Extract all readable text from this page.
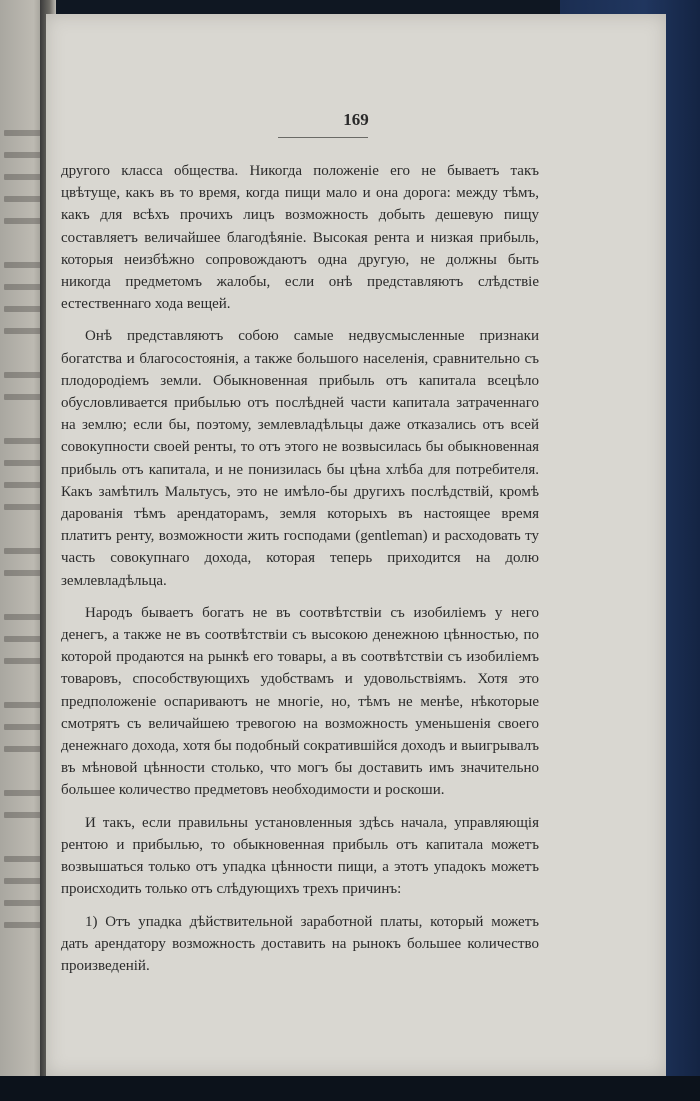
169

другого класса общества. Никогда положенiе его не бываетъ такъ цвѣтуще, какъ въ то время, когда пищи мало и она дорога: между тѣмъ, какъ для всѣхъ прочихъ лицъ возможность добыть дешевую пищу составляетъ величайшее благодѣянiе. Высокая рента и низкая прибыль, которыя неизбѣжно сопровождаютъ одна другую, не должны быть никогда предметомъ жалобы, если онѣ представляютъ слѣдствiе естественнаго хода вещей.

Онѣ представляютъ собою самые недвусмысленные признаки богатства и благосостоянiя, а также большого населенiя, сравнительно съ плодородiемъ земли. Обыкновенная прибыль отъ капитала всецѣло обусловливается прибылью отъ послѣдней части капитала затраченнаго на землю; если бы, поэтому, землевладѣльцы даже отказались отъ всей совокупности своей ренты, то отъ этого не возвысилась бы обыкновенная прибыль отъ капитала, и не понизилась бы цѣна хлѣба для потребителя. Какъ замѣтилъ Мальтусъ, это не имѣло-бы другихъ послѣдствiй, кромѣ дарованiя тѣмъ арендаторамъ, земля которыхъ въ настоящее время платитъ ренту, возможности жить господами (gentleman) и расходовать ту часть совокупнаго дохода, которая теперь приходится на долю землевладѣльца.

Народъ бываетъ богатъ не въ соотвѣтствiи съ изобилiемъ у него денегъ, а также не въ соотвѣтствiи съ высокою денежною цѣнностью, по которой продаются на рынкѣ его товары, а въ соотвѣтствiи съ изобилiемъ товаровъ, способствующихъ удобствамъ и удовольствiямъ. Хотя это предположенiе оспариваютъ не многiе, но, тѣмъ не менѣе, нѣкоторые смотрятъ съ величайшею тревогою на возможность уменьшенiя своего денежнаго дохода, хотя бы подобный сократившiйся доходъ и выигрывалъ въ мѣновой цѣнности столько, что могъ бы доставить имъ значительно большее количество предметовъ необходимости и роскоши.

И такъ, если правильны установленныя здѣсь начала, управляющiя рентою и прибылью, то обыкновенная прибыль отъ капитала можетъ возвышаться только отъ упадка цѣнности пищи, а этотъ упадокъ можетъ происходить только отъ слѣдующихъ трехъ причинъ:

1) Отъ упадка дѣйствительной заработной платы, который можетъ дать арендатору возможность доставить на рынокъ большее количество произведенiй.
